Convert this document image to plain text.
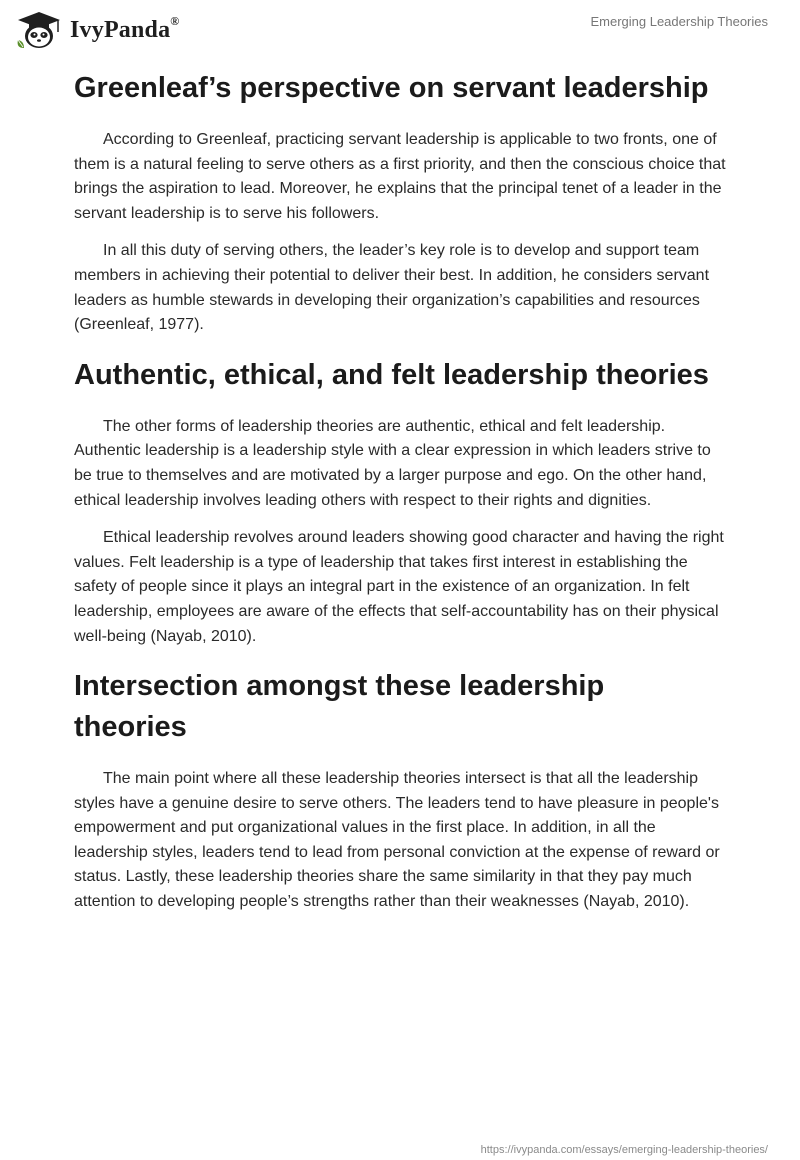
IvyPanda®	Emerging Leadership Theories
Greenleaf’s perspective on servant leadership

According to Greenleaf, practicing servant leadership is applicable to two fronts, one of them is a natural feeling to serve others as a first priority, and then the conscious choice that brings the aspiration to lead. Moreover, he explains that the principal tenet of a leader in the servant leadership is to serve his followers.

In all this duty of serving others, the leader’s key role is to develop and support team members in achieving their potential to deliver their best. In addition, he considers servant leaders as humble stewards in developing their organization’s capabilities and resources (Greenleaf, 1977).

Authentic, ethical, and felt leadership theories

The other forms of leadership theories are authentic, ethical and felt leadership. Authentic leadership is a leadership style with a clear expression in which leaders strive to be true to themselves and are motivated by a larger purpose and ego. On the other hand, ethical leadership involves leading others with respect to their rights and dignities.

Ethical leadership revolves around leaders showing good character and having the right values. Felt leadership is a type of leadership that takes first interest in establishing the safety of people since it plays an integral part in the existence of an organization. In felt leadership, employees are aware of the effects that self-accountability has on their physical well-being (Nayab, 2010).

Intersection amongst these leadership theories

The main point where all these leadership theories intersect is that all the leadership styles have a genuine desire to serve others. The leaders tend to have pleasure in people's empowerment and put organizational values in the first place. In addition, in all the leadership styles, leaders tend to lead from personal conviction at the expense of reward or status. Lastly, these leadership theories share the same similarity in that they pay much attention to developing people’s strengths rather than their weaknesses (Nayab, 2010).

https://ivypanda.com/essays/emerging-leadership-theories/
